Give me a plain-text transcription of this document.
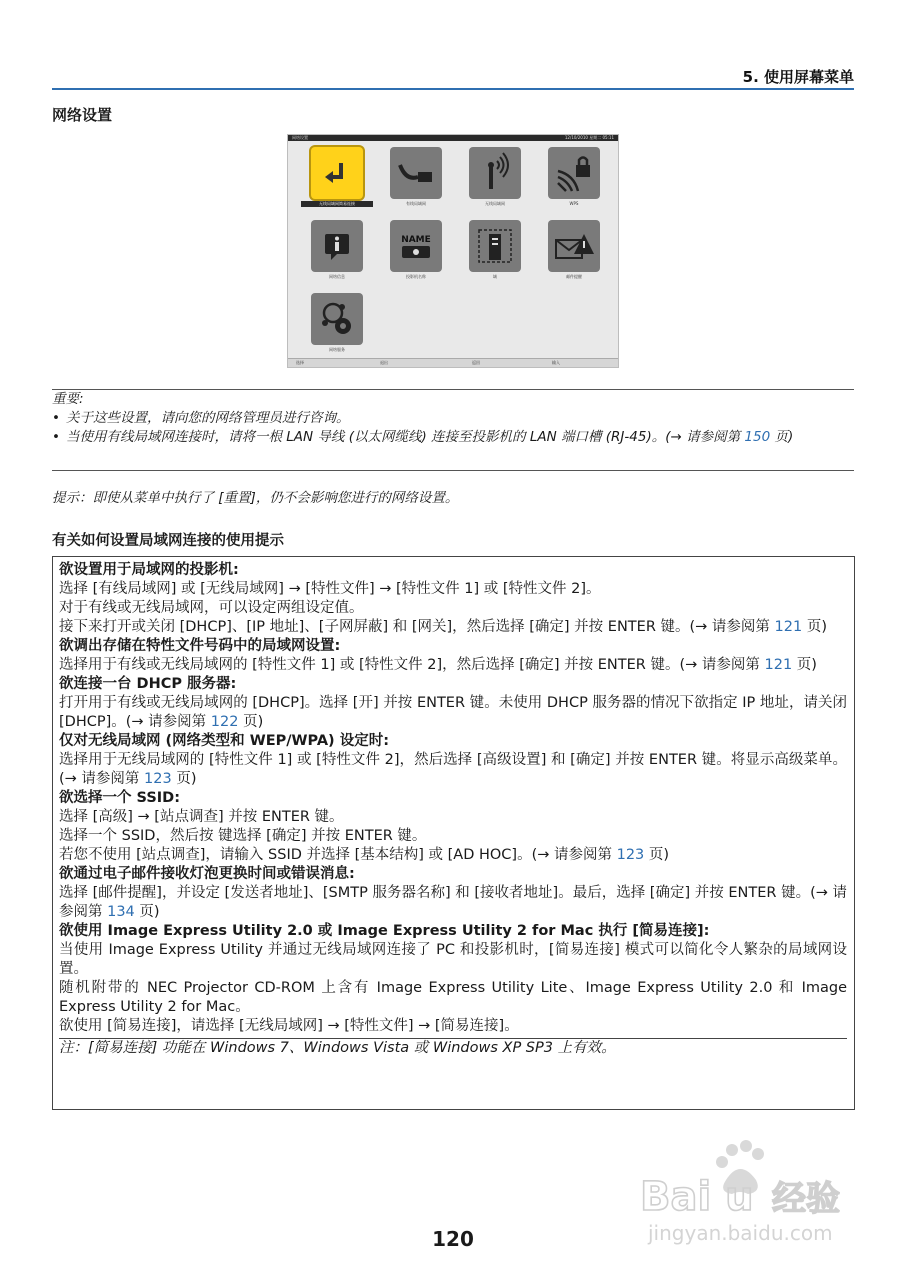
5. 使用屏幕菜单
网络设置
网络设置	12/10/2010 星期二 05:11
无线局域网简易连接	有线局域网	无线局域网	WPS
网络信息
NAME
投影机名称	域	邮件提醒
网络服务
选择	退出	返回	输入
重要:
• 关于这些设置，请向您的网络管理员进行咨询。
• 当使用有线局域网连接时，请将一根 LAN 导线 (以太网缆线) 连接至投影机的 LAN 端口槽 (RJ-45)。(→ 请参阅第 150 页)
提示：即使从菜单中执行了 [重置]，仍不会影响您进行的网络设置。
有关如何设置局域网连接的使用提示
欲设置用于局域网的投影机:
选择 [有线局域网] 或 [无线局域网] → [特性文件] → [特性文件 1] 或 [特性文件 2]。
对于有线或无线局域网，可以设定两组设定值。
接下来打开或关闭 [DHCP]、[IP 地址]、[子网屏蔽] 和 [网关]，然后选择 [确定] 并按 ENTER 键。(→ 请参阅第 121 页)
欲调出存储在特性文件号码中的局域网设置:
选择用于有线或无线局域网的 [特性文件 1] 或 [特性文件 2]，然后选择 [确定] 并按 ENTER 键。(→ 请参阅第 121 页)
欲连接一台 DHCP 服务器:
打开用于有线或无线局域网的 [DHCP]。选择 [开] 并按 ENTER 键。未使用 DHCP 服务器的情况下欲指定 IP 地址，请关闭 [DHCP]。(→ 请参阅第 122 页)
仅对无线局域网 (网络类型和 WEP/WPA) 设定时:
选择用于无线局域网的 [特性文件 1] 或 [特性文件 2]，然后选择 [高级设置] 和 [确定] 并按 ENTER 键。将显示高级菜单。(→ 请参阅第 123 页)
欲选择一个 SSID:
选择 [高级] → [站点调查] 并按 ENTER 键。
选择一个 SSID，然后按 键选择 [确定] 并按 ENTER 键。
若您不使用 [站点调查]，请输入 SSID 并选择 [基本结构] 或 [AD HOC]。(→ 请参阅第 123 页)
欲通过电子邮件接收灯泡更换时间或错误消息:
选择 [邮件提醒]，并设定 [发送者地址]、[SMTP 服务器名称] 和 [接收者地址]。最后，选择 [确定] 并按 ENTER 键。(→ 请参阅第 134 页)
欲使用 Image Express Utility 2.0 或 Image Express Utility 2 for Mac 执行 [简易连接]:
当使用 Image Express Utility 并通过无线局域网连接了 PC 和投影机时，[简易连接] 模式可以简化令人繁杂的局域网设置。
随机附带的 NEC Projector CD-ROM 上含有 Image Express Utility Lite、Image Express Utility 2.0 和 Image Express Utility 2 for Mac。
欲使用 [简易连接]，请选择 [无线局域网] → [特性文件] → [简易连接]。
注：[简易连接] 功能在 Windows 7、Windows Vista 或 Windows XP SP3 上有效。
120
Bai u 经验
jingyan.baidu.com
